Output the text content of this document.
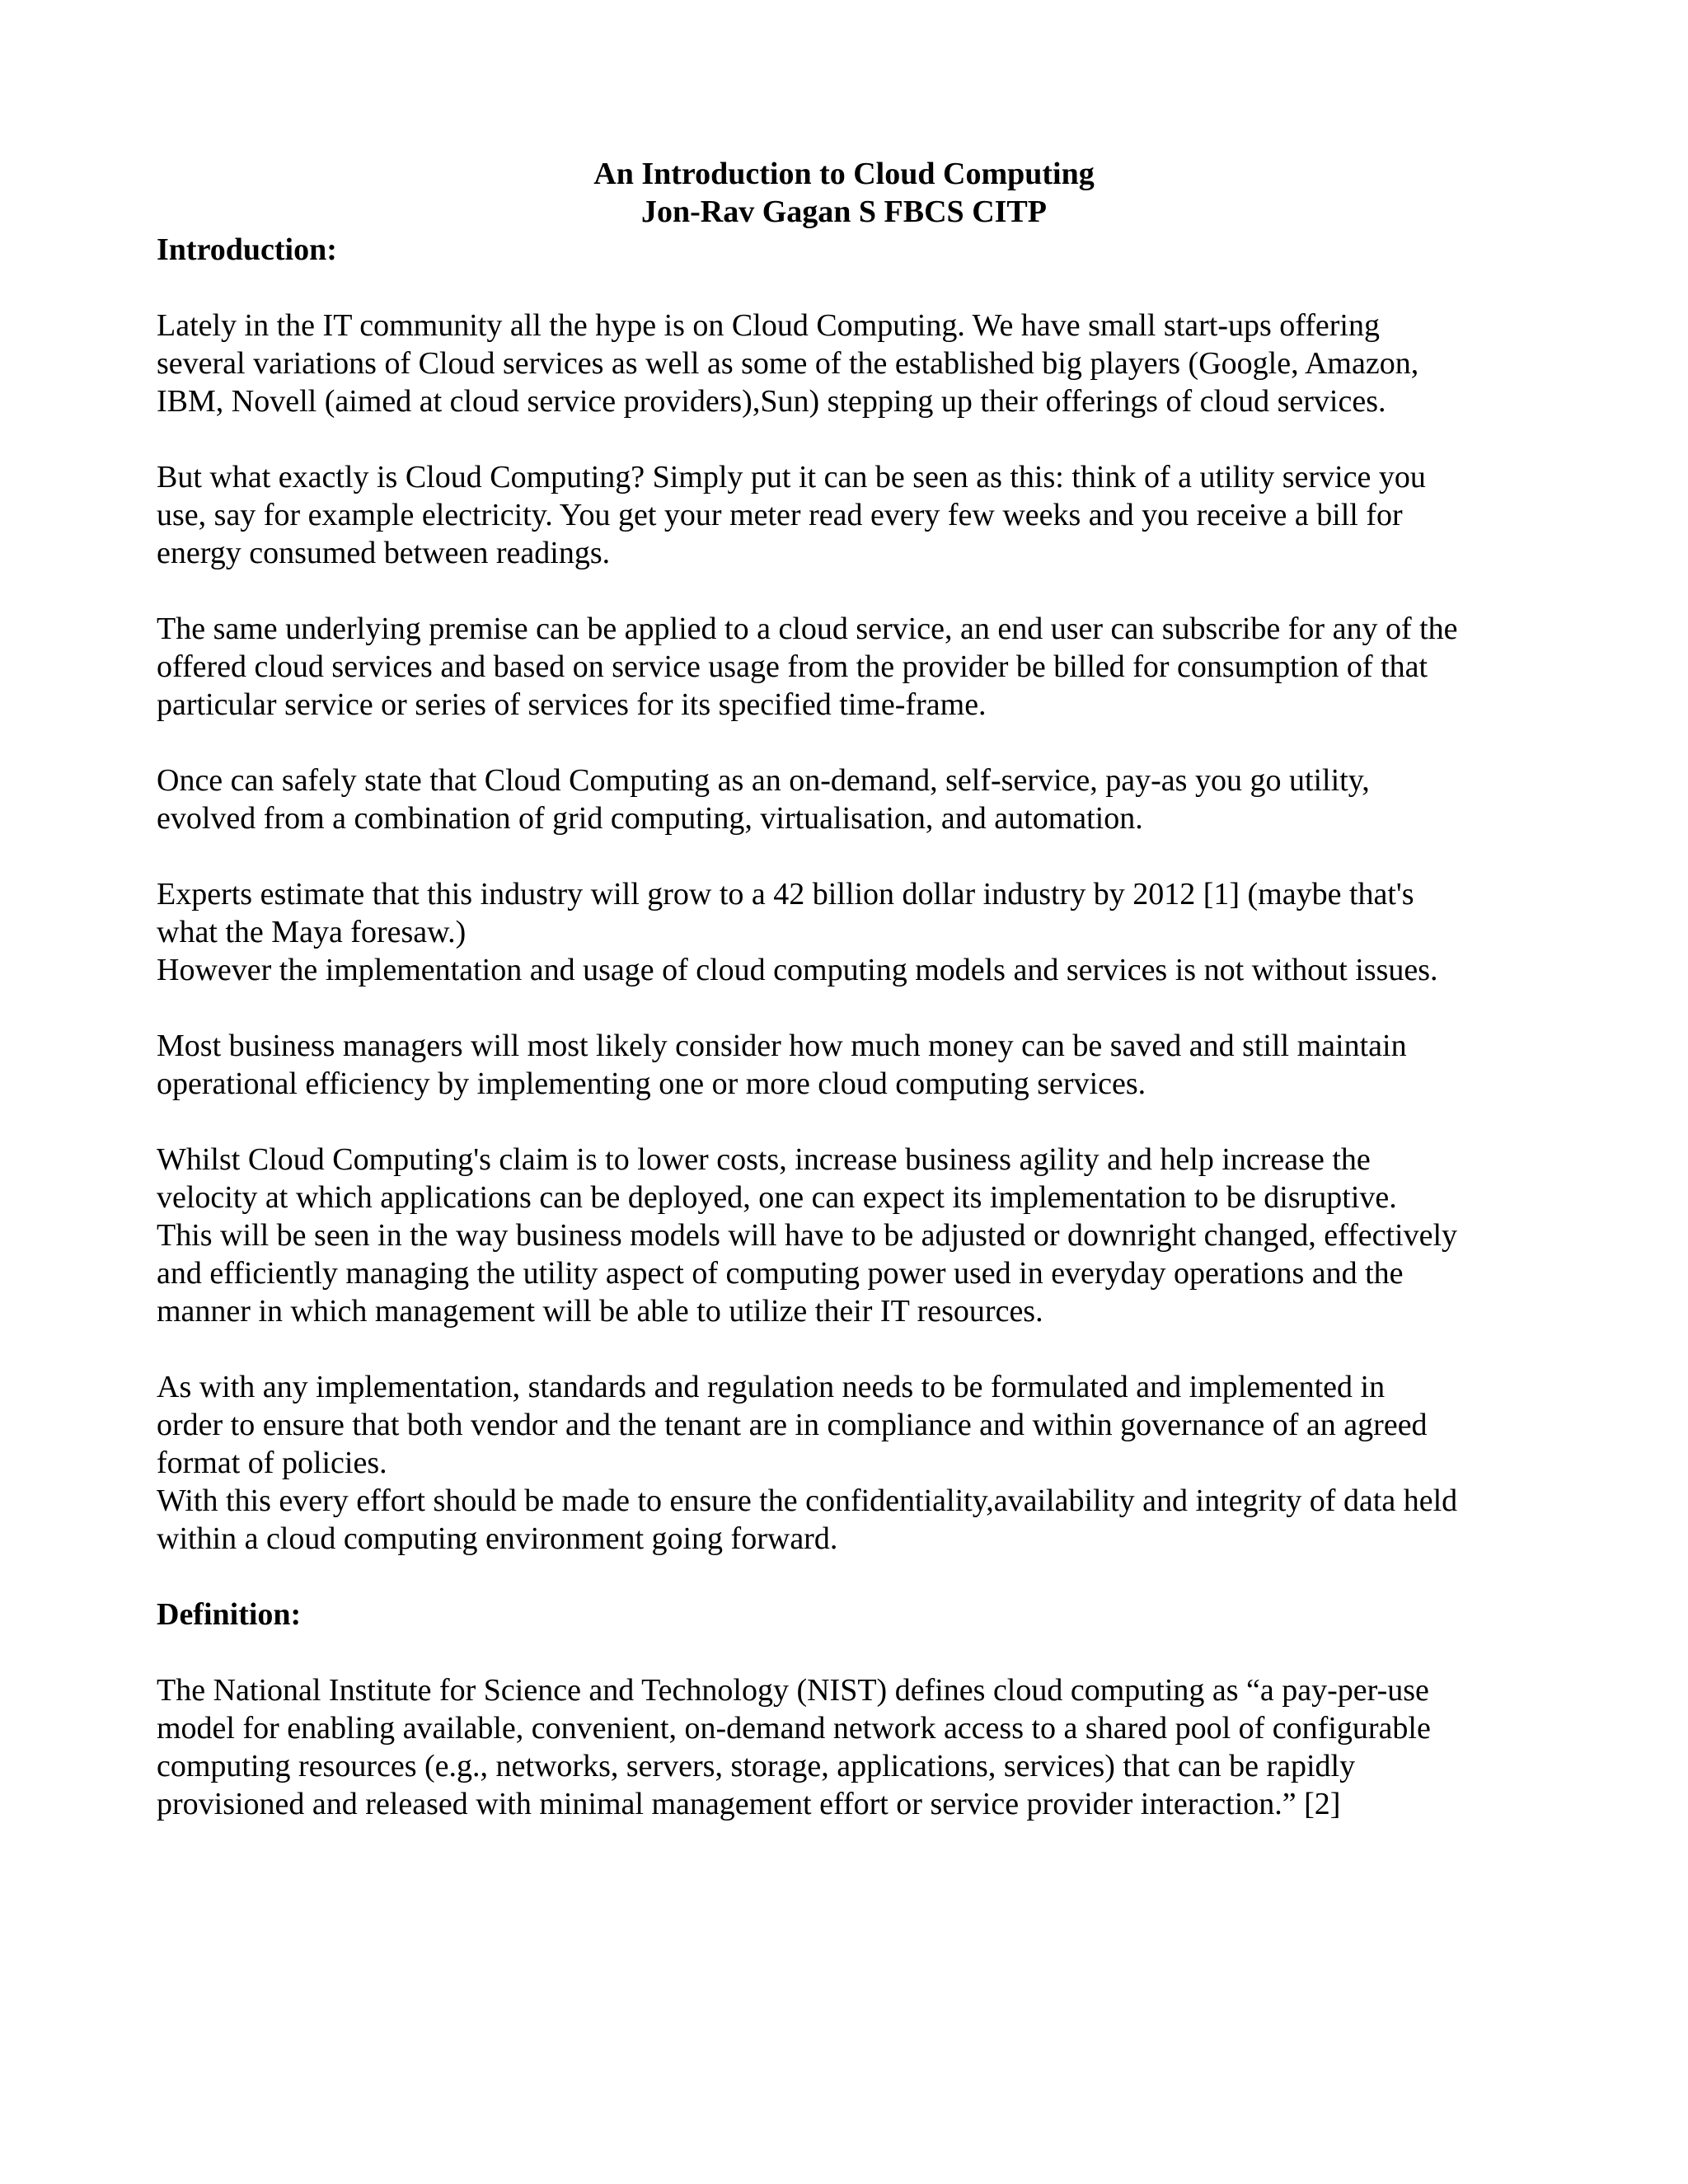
An Introduction to Cloud Computing
Jon-Rav Gagan S FBCS CITP
Introduction:
Lately in the IT community all the hype is on Cloud Computing. We have small start-ups offering
several variations of Cloud services as well as some of the established big players (Google, Amazon,
IBM, Novell (aimed at cloud service providers),Sun) stepping up their offerings of cloud services.
But what exactly is Cloud Computing? Simply put it can be seen as this: think of a utility service you
use, say for example electricity. You get your meter read every few weeks and you receive a bill for
energy consumed between readings.
The same underlying premise can be applied to a cloud service, an end user can subscribe for any of the
offered cloud services and based on service usage from the provider be billed for consumption of that
particular service or series of services for its specified time-frame.
Once can safely state that Cloud Computing as an on-demand, self-service, pay-as you go utility,
evolved from a combination of grid computing, virtualisation, and automation.
Experts estimate that this industry will grow to a 42 billion dollar industry by 2012 [1] (maybe that's
what the Maya foresaw.)
However the implementation and usage of cloud computing models and services is not without issues.
Most business managers will most likely consider how much money can be saved and still maintain
operational efficiency by implementing one or more cloud computing services.
Whilst Cloud Computing's claim is to lower costs, increase business agility and help increase the
velocity at which applications can be deployed, one can expect its implementation to be disruptive.
This will be seen in the way business models will have to be adjusted or downright changed, effectively
and efficiently managing the utility aspect of computing power used in everyday operations and the
manner in which management will be able to utilize their IT resources.
As with any implementation, standards and regulation needs to be formulated and implemented in
order to ensure that both vendor and the tenant are in compliance and within governance of an agreed
format of policies.
With this every effort should be made to ensure the confidentiality,availability and integrity of data held
within a cloud computing environment going forward.
Definition:
The National Institute for Science and Technology (NIST) defines cloud computing as “a pay-per-use
model for enabling available, convenient, on-demand network access to a shared pool of configurable
computing resources (e.g., networks, servers, storage, applications, services) that can be rapidly
provisioned and released with minimal management effort or service provider interaction.” [2]
